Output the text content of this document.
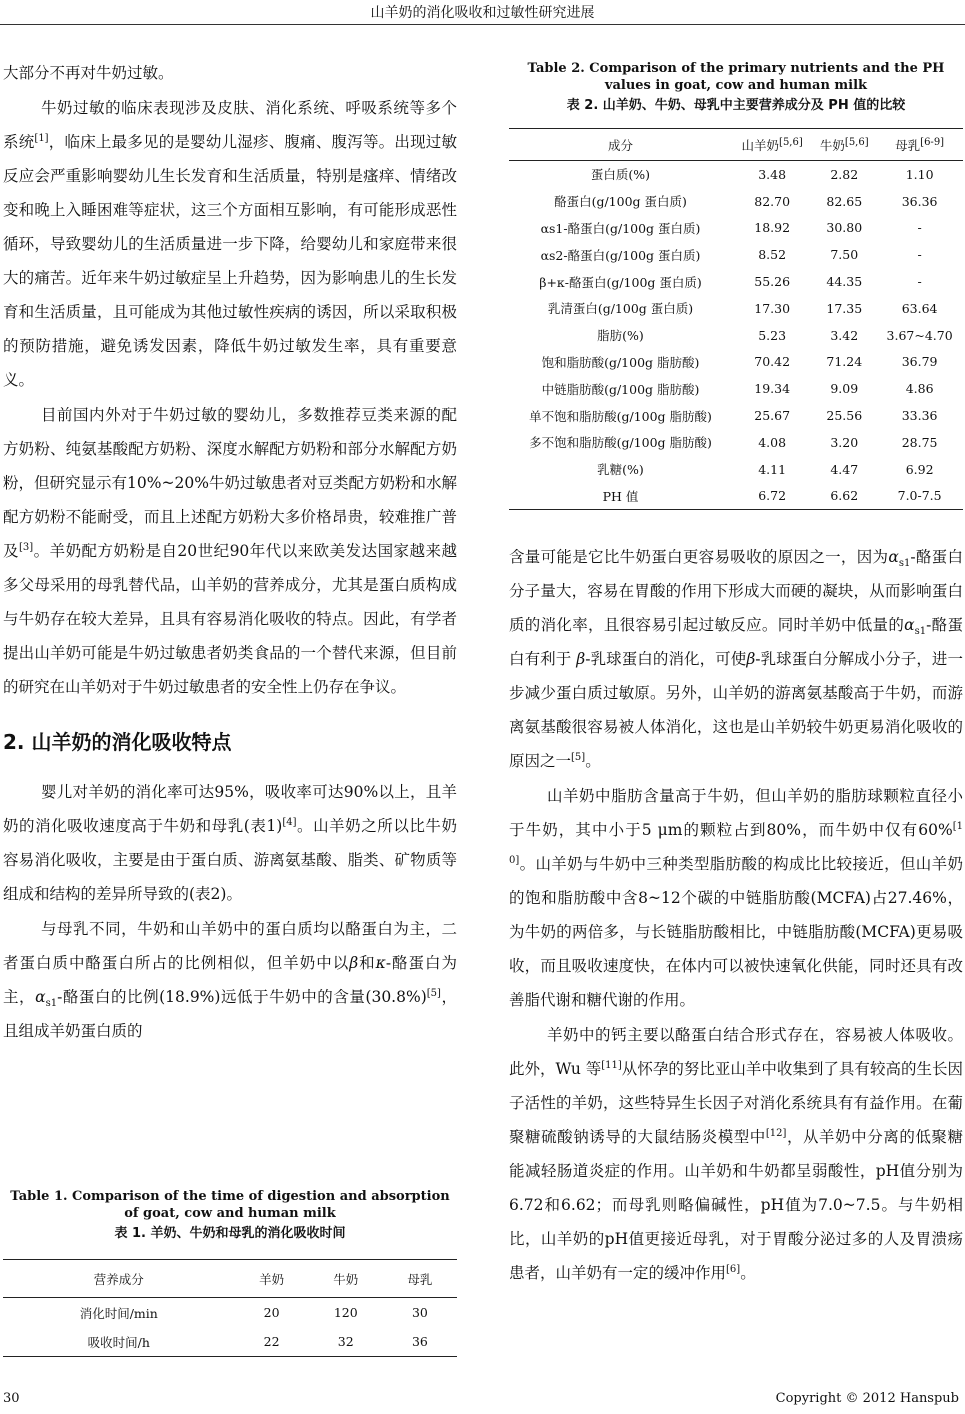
山羊奶的消化吸收和过敏性研究进展

大部分不再对牛奶过敏。

牛奶过敏的临床表现涉及皮肤、消化系统、呼吸系统等多个系统[1]，临床上最多见的是婴幼儿湿疹、腹痛、腹泻等。出现过敏反应会严重影响婴幼儿生长发育和生活质量，特别是瘙痒、情绪改变和晚上入睡困难等症状，这三个方面相互影响，有可能形成恶性循环，导致婴幼儿的生活质量进一步下降，给婴幼儿和家庭带来很大的痛苦。近年来牛奶过敏症呈上升趋势，因为影响患儿的生长发育和生活质量，且可能成为其他过敏性疾病的诱因，所以采取积极的预防措施，避免诱发因素，降低牛奶过敏发生率，具有重要意义。

目前国内外对于牛奶过敏的婴幼儿，多数推荐豆类来源的配方奶粉、纯氨基酸配方奶粉、深度水解配方奶粉和部分水解配方奶粉，但研究显示有10%~20%牛奶过敏患者对豆类配方奶粉和水解配方奶粉不能耐受，而且上述配方奶粉大多价格昂贵，较难推广普及[3]。羊奶配方奶粉是自20世纪90年代以来欧美发达国家越来越多父母采用的母乳替代品，山羊奶的营养成分，尤其是蛋白质构成与牛奶存在较大差异，且具有容易消化吸收的特点。因此，有学者提出山羊奶可能是牛奶过敏患者奶类食品的一个替代来源，但目前的研究在山羊奶对于牛奶过敏患者的安全性上仍存在争议。

2. 山羊奶的消化吸收特点

婴儿对羊奶的消化率可达95%，吸收率可达90%以上，且羊奶的消化吸收速度高于牛奶和母乳(表1)[4]。山羊奶之所以比牛奶容易消化吸收，主要是由于蛋白质、游离氨基酸、脂类、矿物质等组成和结构的差异所导致的(表2)。

与母乳不同，牛奶和山羊奶中的蛋白质均以酪蛋白为主，二者蛋白质中酪蛋白所占的比例相似，但羊奶中以β和κ-酪蛋白为主，$\alpha_{s1}-$酪蛋白的比例(18.9%)远低于牛奶中的含量(30.8%)[5]，且组成羊奶蛋白质的

Table 1. Comparison of the time of digestion and absorption of goat, cow and human milk
表 1. 羊奶、牛奶和母乳的消化吸收时间
营养成分	羊奶	牛奶	母乳
消化时间/min	20	120	30
吸收时间/h	22	32	36
Table 2. Comparison of the primary nutrients and the PH values in goat, cow and human milk
表 2. 山羊奶、牛奶、母乳中主要营养成分及 PH 值的比较
成分	山羊奶[5,6]	牛奶[5,6]	母乳[6-9]
蛋白质(%)	3.48	2.82	1.10
酪蛋白(g/100g 蛋白质)	82.70	82.65	36.36
αs1-酪蛋白(g/100g 蛋白质)	18.92	30.80	-
αs2-酪蛋白(g/100g 蛋白质)	8.52	7.50	-
β+κ-酪蛋白(g/100g 蛋白质)	55.26	44.35	-
乳清蛋白(g/100g 蛋白质)	17.30	17.35	63.64
脂肪(%)	5.23	3.42	3.67~4.70
饱和脂肪酸(g/100g 脂肪酸)	70.42	71.24	36.79
中链脂肪酸(g/100g 脂肪酸)	19.34	9.09	4.86
单不饱和脂肪酸(g/100g 脂肪酸)	25.67	25.56	33.36
多不饱和脂肪酸(g/100g 脂肪酸)	4.08	3.20	28.75
乳糖(%)	4.11	4.47	6.92
PH 值	6.72	6.62	7.0-7.5

含量可能是它比牛奶蛋白更容易吸收的原因之一，因为$\alpha_{s1}-$酪蛋白分子量大，容易在胃酸的作用下形成大而硬的凝块，从而影响蛋白质的消化率，且很容易引起过敏反应。同时羊奶中低量的$\alpha_{s1}-$酪蛋白有利于 β-乳球蛋白的消化，可使β-乳球蛋白分解成小分子，进一步减少蛋白质过敏原。另外，山羊奶的游离氨基酸高于牛奶，而游离氨基酸很容易被人体消化，这也是山羊奶较牛奶更易消化吸收的原因之一[5]。

山羊奶中脂肪含量高于牛奶，但山羊奶的脂肪球颗粒直径小于牛奶，其中小于5 μm的颗粒占到80%，而牛奶中仅有60%[10]。山羊奶与牛奶中三种类型脂肪酸的构成比比较接近，但山羊奶的饱和脂肪酸中含8~12个碳的中链脂肪酸(MCFA)占27.46%，为牛奶的两倍多，与长链脂肪酸相比，中链脂肪酸(MCFA)更易吸收，而且吸收速度快，在体内可以被快速氧化供能，同时还具有改善脂代谢和糖代谢的作用。

羊奶中的钙主要以酪蛋白结合形式存在，容易被人体吸收。此外，Wu 等[11]从怀孕的努比亚山羊中收集到了具有较高的生长因子活性的羊奶，这些特异生长因子对消化系统具有有益作用。在葡聚糖硫酸钠诱导的大鼠结肠炎模型中[12]，从羊奶中分离的低聚糖能减轻肠道炎症的作用。山羊奶和牛奶都呈弱酸性，pH值分别为6.72和6.62；而母乳则略偏碱性，pH值为7.0~7.5。与牛奶相比，山羊奶的pH值更接近母乳，对于胃酸分泌过多的人及胃溃疡患者，山羊奶有一定的缓冲作用[6]。

30	Copyright © 2012 Hanspub
